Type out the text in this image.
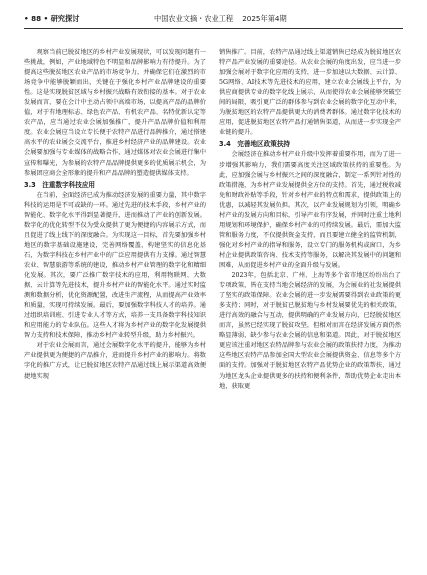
• 88 • 研究探讨	中国农业文摘・农业工程 2025年第4期

观察当前已脱贫地区的乡村产业发展现状，可以发现问题有一些挑战，例如，产业地域特色不明显和品牌影响力有待提升。为了提高这些脱贫地区农业产品的市场竞争力，并确保它们在激烈的市场竞争中能够脱颖而出，关键在于强化乡村产业品牌建设的重要性。这是实现脱贫区域与乡村振兴战略有效衔接的基本。对于农业发展而言，要在会计中主动占领中高端市场，以提高产品的品牌价值，对于有地理标志、绿色农产品、有机农产品、名特优新认定等农产品，应当通过农业会展加强推广，提升产品品牌价值和利用度。农业会展应当设立专长便于农特产品进行品牌推介，通过搭建高水平的农业展会交流平台，推进乡村经济产业的品牌建设。农业会展要加强与专业媒体的战略合作，通过媒体对农业会展进行集中宣传和曝光，为参展的农特产品品牌提供更多的优质展示机会，为参展团应商会全形象的提升和产品品牌的塑造提供媒体支持。

3.3　注重数字科技应用

在当前，全面经济已成为推动经济发展的重要力量，其中数字科技的运用是不可或缺的一环。通过先进的技术手段，乡村产业的智能化、数字化水平得到显著提升，进而推动了产业的创新发展。数字化的优化转型不仅为受众提供了更为便捷的内容展示方式，而且促进了线上线下的深度融合。为实现这一目标，首先要加强乡村地区的数字基础设施建设，完善网络覆盖，构建坚实的信息化基石，为数字科技在乡村产业中的广泛应用提供有力支撑。通过智慧农业、智慧旅游等系统的建设，推动乡村产业管理的数字化和精细化发展。其次，要广泛推广数字技术的应用，利用物联网、大数据、云计算等先进技术，提升乡村产业的智能化水平。通过实时监测和数据分析，优化资源配置，改进生产流程，从而提高产业效率和质量，实现可持续发展。最后，要加强数字科技人才的培养。通过组织培训班、引进专业人才等方式，培养一支具备数字科技知识和应用能力的专业队伍。这些人才将为乡村产业的数字化发展提供智力支持和技术保障，推动乡村产业转型升级，助力乡村振兴。

对于农业会展而言，通过会展数字化水平的提升，能够为乡村产业提供更为便捷的产品推介，进而提升乡村产业的影响力。将数字化的推广方式，让已脱贫地区农特产品通过线上展示渠道高效便捷地实现

销售推广。目前，农特产品通过线上渠道销售已经成为脱贫地区农特产品产业发展的重要途径。从农业会展的角度出发，应当进一步加强会展对于数字化应用的支持，进一步加速以大数据、云计算、5G网络、AI技术等先进技术的应用，建立农业会展线上平台，为供应商提供专业的数字化线上展示，从而使得农业会展能够突破空间的局限，吸引更广泛的群体参与到农业会展的数字化互动中来，为脱贫地区的农特产品提供更大的消费者群体。通过数字化技术的应用，促进脱贫地区农特产品打通销售渠道，从而进一步实现全产业链的提升。

3.4　完善地区政策扶持

会展经济在推动乡村产业升级中发挥着重要作用，而为了进一步增强其影响力，我们需要高度关注区域政策扶持的重要性。为此，应加强会展与乡村振兴之间的深度融合，制定一系列针对性的政策措施，为乡村产业发展提供全方位的支持。首先，通过税收减免和财政补贴等手段，针对乡村产业的特点和需求，提供政策上的优惠，以减轻其发展负担。其次，以产业发展规划为引领，明确乡村产业的发展方向和目标，引导产业有序发展，并同时注重土地利用规划和环境保护，确保乡村产业的可持续发展。最后，需加大监管和服务力度，不仅提供资金支持，而且要建立健全的监管机制，强化对乡村产业的指导和服务，设立专门的服务机构或窗口，为乡村企业提供政策咨询、技术支持等服务，以解决其发展中的问题和困难，从而促进乡村产业的全面升级与发展。

2023年，包括北京、广州、上海等多个省市地区纷纷出台了专项政策，皆在支持当地会展经济的发展，为会展业的社发展提供了坚实的政策保障。农业会展的进一步发展需要得到农业政策的更多支持；同时，对于脱贫已脱贫地与乡村发展要优先的相关政策，进行高效的融合与互动，提供明确的产业发展方向，已经脱贫地区而言，虽然已经实现了脱贫攻坚，但相对而言在经济发展方面仍然略显薄弱，缺少参与农业会展的信息和渠道。因此，对于脱贫地区更应该注重对地区农特品牌参与农业会展的政策扶持力度，为推动这些地区农特产品参加全国大型农业会展提供资金、信息等多个方面的支持。加强对于脱贫地区农特产品优势企业的政策帮扶，通过为地区龙头企业提供更多的扶持和便利条件，帮助优势企业走出本地，获取更
